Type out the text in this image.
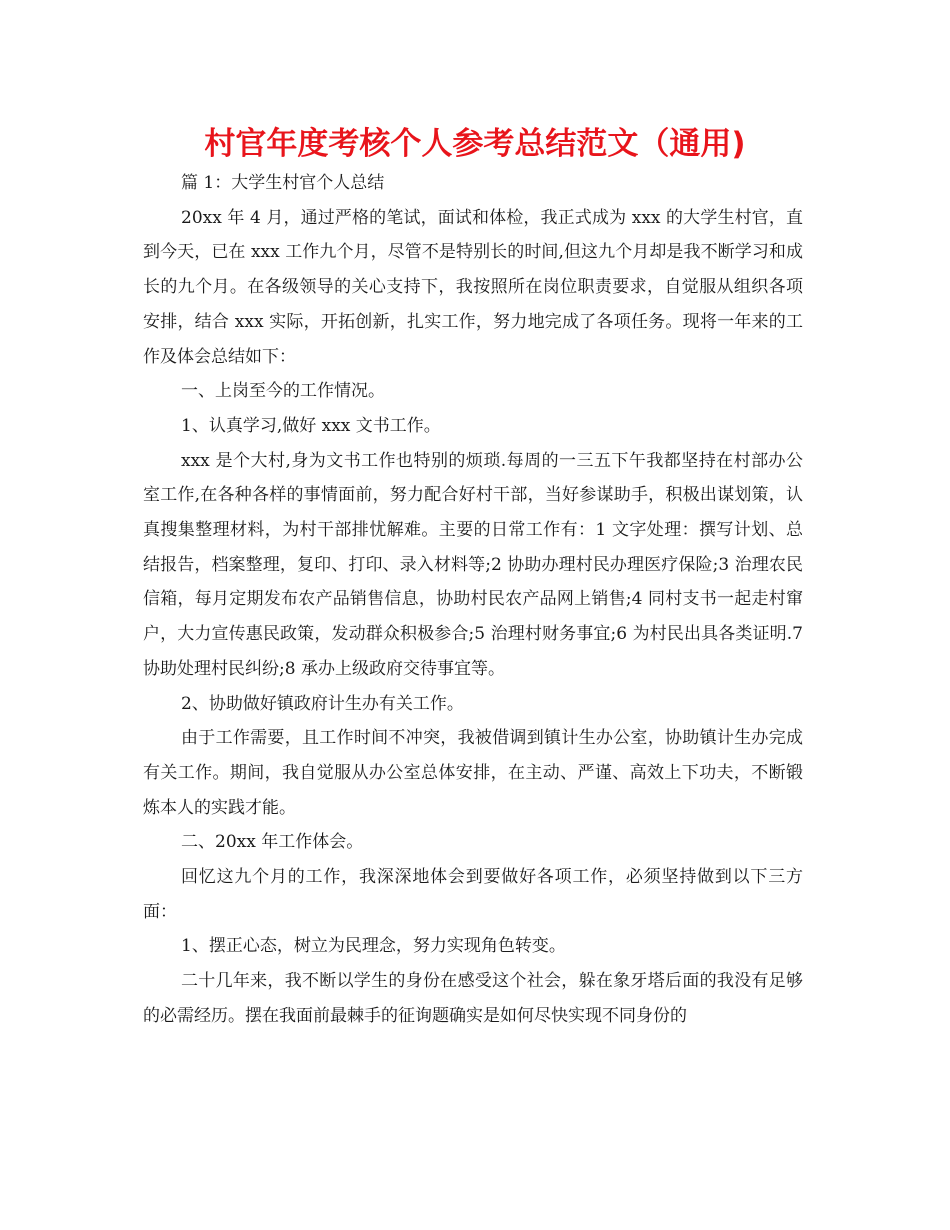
村官年度考核个人参考总结范文（通用)

篇 1：大学生村官个人总结

20xx 年 4 月，通过严格的笔试，面试和体检，我正式成为 xxx 的大学生村官，直到今天，已在 xxx 工作九个月，尽管不是特别长的时间,但这九个月却是我不断学习和成长的九个月。在各级领导的关心支持下，我按照所在岗位职责要求，自觉服从组织各项安排，结合 xxx 实际，开拓创新，扎实工作，努力地完成了各项任务。现将一年来的工作及体会总结如下：

一、上岗至今的工作情况。

1、认真学习,做好 xxx 文书工作。

xxx 是个大村,身为文书工作也特别的烦琐.每周的一三五下午我都坚持在村部办公室工作,在各种各样的事情面前，努力配合好村干部，当好参谋助手，积极出谋划策，认真搜集整理材料，为村干部排忧解难。主要的日常工作有：1 文字处理：撰写计划、总结报告，档案整理，复印、打印、录入材料等;2 协助办理村民办理医疗保险;3 治理农民信箱，每月定期发布农产品销售信息，协助村民农产品网上销售;4 同村支书一起走村窜户，大力宣传惠民政策，发动群众积极参合;5 治理村财务事宜;6 为村民出具各类证明.7 协助处理村民纠纷;8 承办上级政府交待事宜等。

2、协助做好镇政府计生办有关工作。

由于工作需要，且工作时间不冲突，我被借调到镇计生办公室，协助镇计生办完成有关工作。期间，我自觉服从办公室总体安排，在主动、严谨、高效上下功夫，不断锻炼本人的实践才能。

二、20xx 年工作体会。

回忆这九个月的工作，我深深地体会到要做好各项工作，必须坚持做到以下三方面：

1、摆正心态，树立为民理念，努力实现角色转变。

二十几年来，我不断以学生的身份在感受这个社会，躲在象牙塔后面的我没有足够的必需经历。摆在我面前最棘手的征询题确实是如何尽快实现不同身份的
